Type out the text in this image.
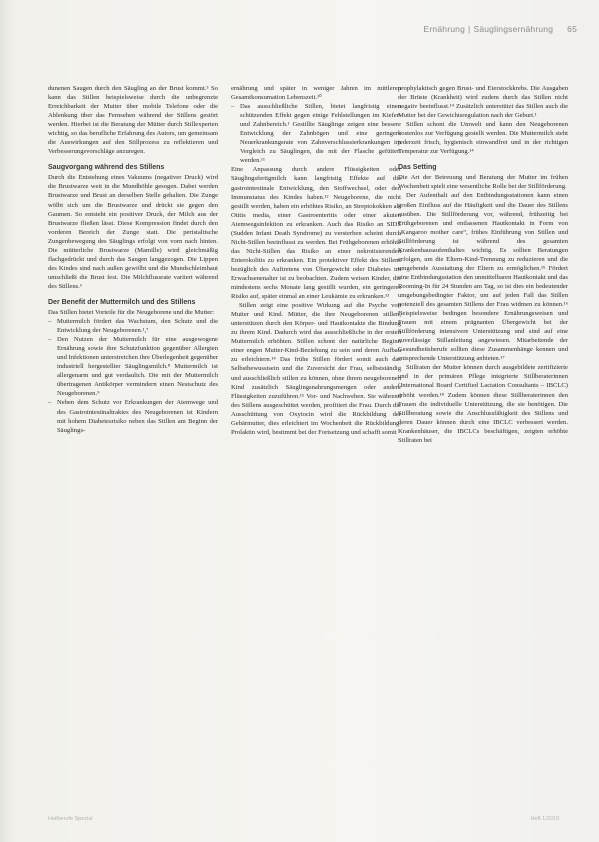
Ernährung | Säuglingsernährung 65

dunenen Saugen durch den Säugling an der Brust kommt.⁵ So kann das Stillen beispielsweise durch die unbegrenzte Erreichbarkeit der Mutter über mobile Telefone oder die Ablenkung über das Fernsehen während der Stillens gestört werden. Hierbei ist die Beratung der Mütter durch Stillexperten wichtig, so das berufliche Erfahrung des Autors, um gemeinsam die Auswirkungen auf den Stillprozess zu reflektieren und Verbesserungsvorschläge anzuregen.

Saugvorgang während des Stillens

Durch die Entstehung eines Vakuums (negativer Druck) wird die Brustwarze weit in die Mundhöhle gesogen. Dabei werden Brustwarze und Brust an derselben Stelle gehalten. Die Zunge wölbt sich um die Brustwarze und drückt sie gegen den Gaumen. So entsteht ein positiver Druck, der Milch aus der Brustwarze fließen lässt. Diese Kompression findet durch den vorderen Bereich der Zunge statt. Die peristaltische Zungenbewegung des Säuglings erfolgt von vorn nach hinten. Die mütterliche Brustwarze (Mamille) wird gleichmäßig flachgedrückt und durch das Saugen langgezogen. Die Lippen des Kindes sind nach außen gewölbt und die Mundschleimhaut umschließt die Brust fest. Die Milchflussrate variiert während des Stillens.⁶

Der Benefit der Muttermilch und des Stillens

Das Stillen bietet Vorteile für die Neugeborene und die Mutter:

– Muttermilch fördert das Wachstum, den Schutz und die Entwicklung der Neugeborenen.¹,⁷
– Den Nutzen der Muttermilch für eine ausgewogene Ernährung sowie ihre Schutzfunktion gegenüber Allergien und Infektionen unterstreichen ihre Überlegenheit gegenüber industriell hergestellter Säuglingsmilch.⁸ Muttermilch ist allergenarm und gut verdaulich. Die mit der Muttermilch übertragenen Antikörper vermindern einen Nestschutz des Neugeborenen.⁹
– Neben dem Schutz vor Erkrankungen der Atemwege und des Gastrointestinaltraktes des Neugeborenen ist Kindern mit hohem Diabetesrisiko neben das Stillen am Beginn der Säuglings-

ernährung und später in weniger Jahren im mittleren Gesamtkonsumation Lebenszeit.¹⁰

– Das ausschließliche Stillen, bietet langfristig einen schützenden Effekt gegen einige Fehlstellungen im Kiefer- und Zahnbereich.¹ Gestillte Säuglinge zeigen eine bessere Entwicklung der Zahnbögen und eine geringere Neuerkrankungsrate von Zahnverschlussierkrankungen im Vergleich zu Säuglingen, die mit der Flasche gefüttert werden.¹¹

Eine Anpassung durch andere Flüssigkeiten oder Säuglingsfertigmilch kann langfristig Effekte auf die gastrointestinale Entwicklung, den Stoffwechsel, oder den Immunstatus des Kindes haben.¹² Neugeborene, die nicht gestillt werden, haben ein erhöhtes Risiko, an Streptokokken als Otitis media, einer Gastroenteritis oder einer akuten Atemwegsinfektion zu erkranken. Auch das Risiko an SIDS (Sudden Infant Death Syndrome) zu versterben scheint durch Nicht-Stillen beeinflusst zu werden. Bei Frühgeborenen erhöhte das Nicht-Stillen das Risiko an einer nekrotisierenden Enterokolitis zu erkranken. Ein protektiver Effekt des Stillens bezüglich des Auftretens von Übergewicht oder Diabetes im Erwachsenenalter ist zu beobachten. Zudem weisen Kinder, die mindestens sechs Monate lang gestillt wurden, ein geringeres Risiko auf, später einmal an einer Leukämie zu erkranken.¹³

Stillen zeigt eine positive Wirkung auf die Psyche von Mutter und Kind. Mütter, die ihre Neugeborenen stillen, unterstützen durch den Körper- und Hautkontakte die Bindung zu ihrem Kind. Dadurch wird das ausschließliche in der ersten Muttermilch erhöhten. Stillen schont der natürliche Beginn einer engen Mutter-Kind-Beziehung zu sein und deren Aufbau zu erleichtern.¹⁴ Das frühe Stillen fördert somit auch das Selbstbewusstsein und die Zuversicht der Frau, selbstständig und ausschließlich stillen zu können, ohne ihrem neugeborenen Kind zusätzlich Säuglingsnahrungsmengen oder andere Flüssigkeiten zuzuführen.¹⁵ Vor- und Nachwehen. Sie während des Stillens ausgeschüttet werden, profitiert die Frau. Durch die Ausschüttung von Oxytocin wird die Rückbildung der Gebärmutter, dies erleichtert im Wochenbett die Rückbildung. Prolaktin wird, bestimmt bei der Fortsetzung und schafft somit

prophylaktisch gegen Brust- und Eierstockkrebs. Die Ausgaben der Brüste (Krankheit) wird zudem durch das Stillen nicht negativ beeinflusst.¹⁴ Zusätzlich unterstützt das Stillen auch die Mutter bei der Gewichtsregulation nach der Geburt.¹

Stillen schont die Umwelt und kann den Neugeborenen kostenlos zur Verfügung gestellt werden. Die Muttermilch steht jederzeit frisch, hygienisch einwandfrei und in der richtigen Temperatur zur Verfügung.¹⁴

Das Setting

Die Art der Betreuung und Beratung der Mutter im frühen Wochenbett spielt eine wesentliche Rolle bei der Stillförderung.

Der Aufenthalt auf den Entbindungsstationen kann einen großen Einfluss auf die Häufigkeit und die Dauer des Stillens ausüben. Die Stillförderung vor, während, frühzeitig bei Frühgeborenen und entlassenen Hautkontakt in Form von „Kangaroo mother care“, frühes Einführung von Stillen und Stillförderung ist während des gesamten Krankenhausaufenthaltes wichtig. Es sollten Beratungen erfolgen, um die Eltern-Kind-Trennung zu reduzieren und die umgebende Ausstattung der Eltern zu ermöglichen.¹⁵ Fördert eine Entbindungsstation den unmittelbaren Hautkontakt und das Rooming-In für 24 Stunden am Tag, so ist dies ein bedeutender umgebungsbedingter Faktor, um auf jeden Fall das Stillen potenziell des gesamten Stillens der Frau widmen zu können.¹⁶ Beispielsweise bedingen besondere Ernährungsweisen und Frauen mit einem prägnanten Übergewicht bei der Stillförderung intensivere Unterstützung und sind auf eine zuverlässige Stillanleitung angewiesen. Mitarbeitende der Gesundheitsberufe sollten diese Zusammenhänge kennen und entsprechende Unterstützung anbieten.¹⁷

Stillraten der Mutter können durch ausgebildete zertifizierte und in der primären Pflege integrierte Stillberaterinnen (International Board Certified Lactation Consultants – IBCLC) erhöht werden.¹⁸ Zudem können diese Stillberaterinnen den Frauen die individuelle Unterstützung, die sie benötigen. Die Stillberatung sowie die Anschlussfähigkeit des Stillens und deren Dauer können durch eine IBCLC verbessert werden. Krankenhäuser, die IBCLCs beschäftigen, zeigten erhöhte Stillraten bei

Heilberufe Spezial	Heft 1/2019
